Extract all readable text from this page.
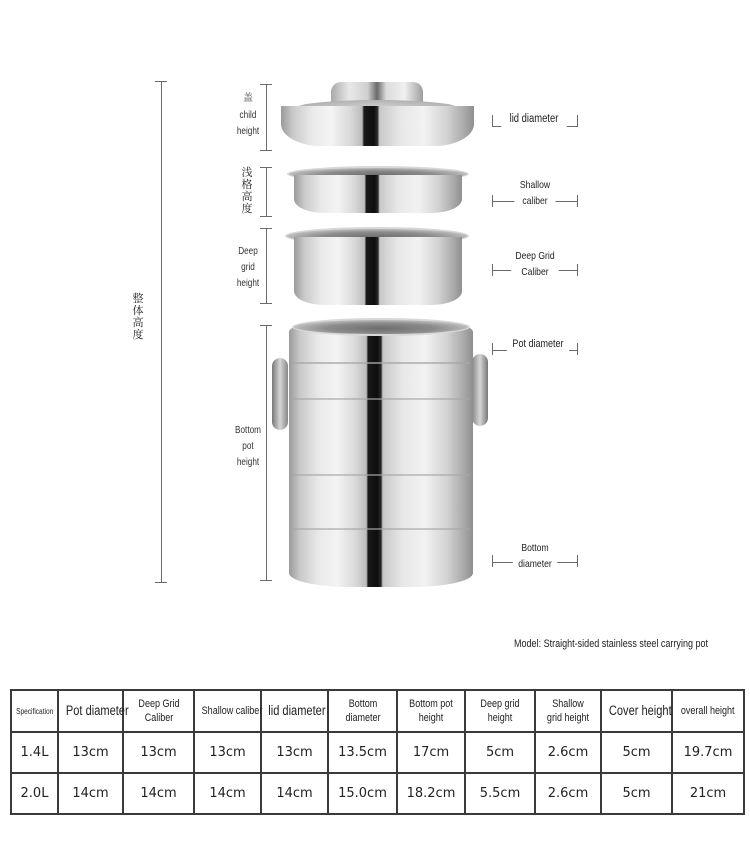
整体高度
盖
child
height
浅格高度
Deep
grid
height
Bottom
pot
height
lid diameter
Shallow
caliber
Deep Grid
Caliber
Pot diameter
Bottom
diameter
Model: Straight-sided stainless steel carrying pot
Specification	Pot diameter	Deep Grid Caliber	Shallow caliber	lid diameter	Bottom diameter	Bottom pot height	Deep grid height	Shallow grid height	Cover height	overall height
1.4L	13cm	13cm	13cm	13cm	13.5cm	17cm	5cm	2.6cm	5cm	19.7cm
2.0L	14cm	14cm	14cm	14cm	15.0cm	18.2cm	5.5cm	2.6cm	5cm	21cm
